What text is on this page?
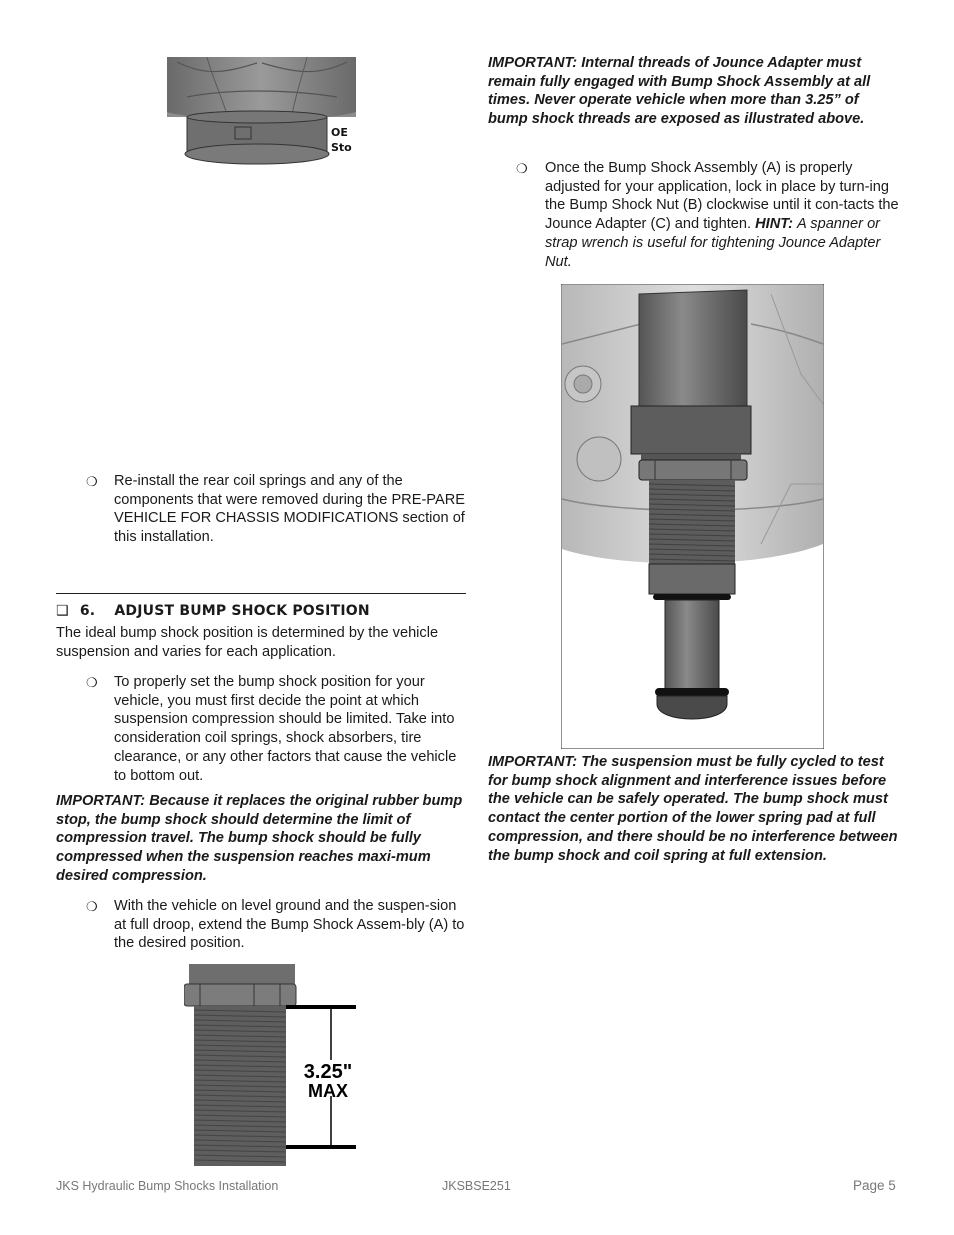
OE
Sto
❍ Re-install the rear coil springs and any of the components that were removed during the PRE-PARE VEHICLE FOR CHASSIS MODIFICATIONS section of this installation.

❑ 6. ADJUST BUMP SHOCK POSITION

The ideal bump shock position is determined by the vehicle suspension and varies for each application.

❍ To properly set the bump shock position for your vehicle, you must first decide the point at which suspension compression should be limited. Take into consideration coil springs, shock absorbers, tire clearance, or any other factors that cause the vehicle to bottom out.

IMPORTANT: Because it replaces the original rubber bump stop, the bump shock should determine the limit of compression travel. The bump shock should be fully compressed when the suspension reaches maxi-mum desired compression.

❍ With the vehicle on level ground and the suspen-sion at full droop, extend the Bump Shock Assem-bly (A) to the desired position.

3.25"
MAX

IMPORTANT: Internal threads of Jounce Adapter must remain fully engaged with Bump Shock Assembly at all times. Never operate vehicle when more than 3.25” of bump shock threads are exposed as illustrated above.

❍ Once the Bump Shock Assembly (A) is properly adjusted for your application, lock in place by turn-ing the Bump Shock Nut (B) clockwise until it con-tacts the Jounce Adapter (C) and tighten. HINT: A spanner or strap wrench is useful for tightening Jounce Adapter Nut.

IMPORTANT: The suspension must be fully cycled to test for bump shock alignment and interference issues before the vehicle can be safely operated. The bump shock must contact the center portion of the lower spring pad at full compression, and there should be no interference between the bump shock and coil spring at full extension.

JKS Hydraulic Bump Shocks Installation	JKSBSE251	Page 5
